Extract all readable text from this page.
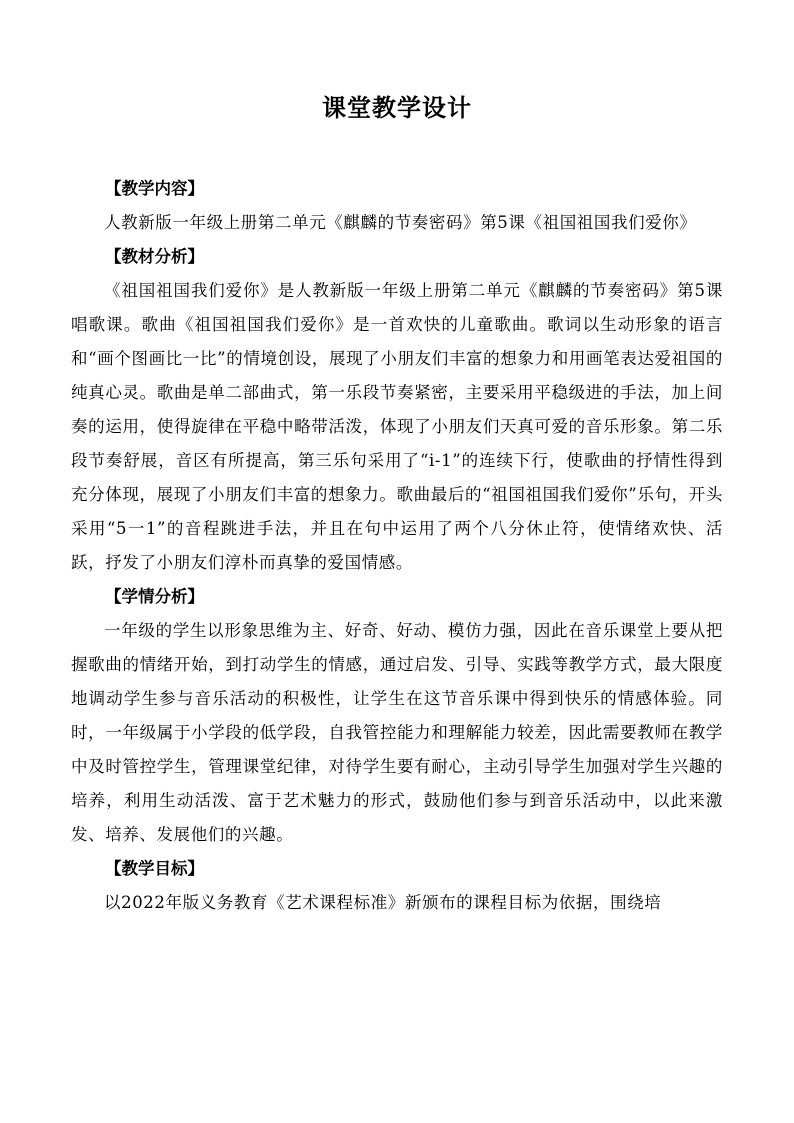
课堂教学设计

【教学内容】

人教新版一年级上册第二单元《麒麟的节奏密码》第5课《祖国祖国我们爱你》

【教材分析】

《祖国祖国我们爱你》是人教新版一年级上册第二单元《麒麟的节奏密码》第5课唱歌课。歌曲《祖国祖国我们爱你》是一首欢快的儿童歌曲。歌词以生动形象的语言和“画个图画比一比”的情境创设，展现了小朋友们丰富的想象力和用画笔表达爱祖国的纯真心灵。歌曲是单二部曲式，第一乐段节奏紧密，主要采用平稳级进的手法，加上间奏的运用，使得旋律在平稳中略带活泼，体现了小朋友们天真可爱的音乐形象。第二乐段节奏舒展，音区有所提高，第三乐句采用了“i-1”的连续下行，使歌曲的抒情性得到充分体现，展现了小朋友们丰富的想象力。歌曲最后的“祖国祖国我们爱你”乐句，开头采用“5一1”的音程跳进手法，并且在句中运用了两个八分休止符，使情绪欢快、活跃，抒发了小朋友们淳朴而真挚的爱国情感。

【学情分析】

一年级的学生以形象思维为主、好奇、好动、模仿力强，因此在音乐课堂上要从把握歌曲的情绪开始，到打动学生的情感，通过启发、引导、实践等教学方式，最大限度地调动学生参与音乐活动的积极性，让学生在这节音乐课中得到快乐的情感体验。同时，一年级属于小学段的低学段，自我管控能力和理解能力较差，因此需要教师在教学中及时管控学生，管理课堂纪律，对待学生要有耐心，主动引导学生加强对学生兴趣的培养，利用生动活泼、富于艺术魅力的形式，鼓励他们参与到音乐活动中，以此来激发、培养、发展他们的兴趣。

【教学目标】

以2022年版义务教育《艺术课程标准》新颁布的课程目标为依据，围绕培
